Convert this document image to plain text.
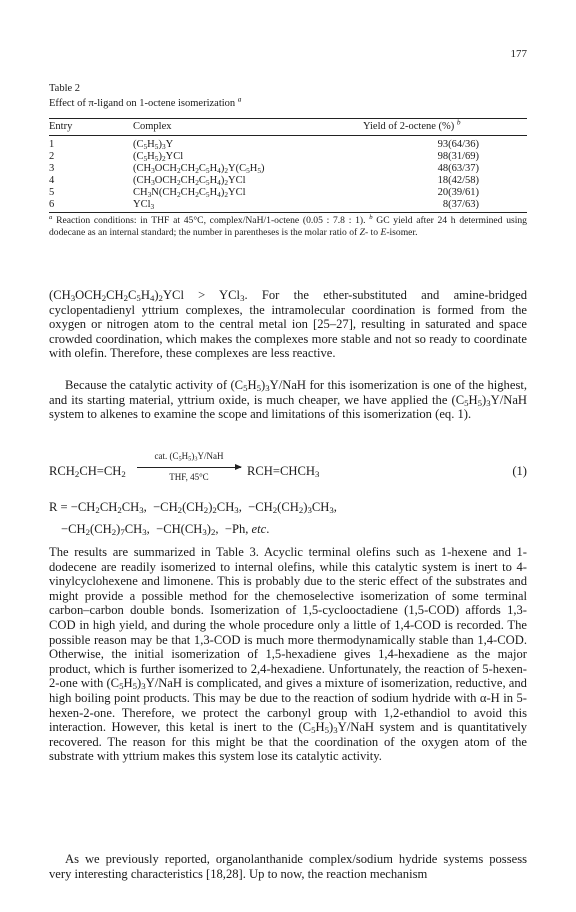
177
Table 2
Effect of π-ligand on 1-octene isomerization $^a$
Entry	Complex	Yield of 2-octene (%) $^b$
1	$(C_5H_5)_3Y$	93(64/36)
2	$(C_5H_5)_2YCl$	98(31/69)
3	$(CH_3OCH_2CH_2C_5H_4)_2Y(C_5H_5)$	48(63/37)
4	$(CH_3OCH_2CH_2C_5H_4)_2YCl$	18(42/58)
5	$CH_3N(CH_2CH_2C_5H_4)_2YCl$	20(39/61)
6	YCl$_3$	8(37/63)
$^a$ Reaction conditions: in THF at 45°C, complex/NaH/1-octene (0.05 : 7.8 : 1). $^b$ GC yield after 24 h determined using dodecane as an internal standard; the number in parentheses is the molar ratio of Z- to E-isomer.

$(CH_3OCH_2CH_2C_5H_4)_2YCl > YCl_3$. For the ether-substituted and amine-bridged cyclopentadienyl yttrium complexes, the intramolecular coordination is formed from the oxygen or nitrogen atom to the central metal ion [25–27], resulting in saturated and space crowded coordination, which makes the complexes more stable and not so ready to coordinate with olefin. Therefore, these complexes are less reactive.

Because the catalytic activity of $(C_5H_5)_3Y$/NaH for this isomerization is one of the highest, and its starting material, yttrium oxide, is much cheaper, we have applied the $(C_5H_5)_3Y$/NaH system to alkenes to examine the scope and limitations of this isomerization (eq. 1).

$RCH_2CH=CH_2$
cat. $(C_5H_5)_3Y$/NaH
THF, 45°C	$RCH=CHCH_3$	(1)
$R = -CH_2CH_2CH_3$,  $-CH_2(CH_2)_2CH_3$,  $-CH_2(CH_2)_3CH_3$,
$-CH_2(CH_2)_7CH_3$,  $-CH(CH_3)_2$,  −Ph, etc.

The results are summarized in Table 3. Acyclic terminal olefins such as 1-hexene and 1-dodecene are readily isomerized to internal olefins, while this catalytic system is inert to 4-vinylcyclohexene and limonene. This is probably due to the steric effect of the substrates and might provide a possible method for the chemoselective isomerization of some terminal carbon–carbon double bonds. Isomerization of 1,5-cyclooctadiene (1,5-COD) affords 1,3-COD in high yield, and during the whole procedure only a little of 1,4-COD is recorded. The possible reason may be that 1,3-COD is much more thermodynamically stable than 1,4-COD. Otherwise, the initial isomerization of 1,5-hexadiene gives 1,4-hexadiene as the major product, which is further isomerized to 2,4-hexadiene. Unfortunately, the reaction of 5-hexen-2-one with $(C_5H_5)_3Y$/NaH is complicated, and gives a mixture of isomerization, reductive, and high boiling point products. This may be due to the reaction of sodium hydride with α-H in 5-hexen-2-one. Therefore, we protect the carbonyl group with 1,2-ethandiol to avoid this interaction. However, this ketal is inert to the $(C_5H_5)_3Y$/NaH system and is quantitatively recovered. The reason for this might be that the coordination of the oxygen atom of the substrate with yttrium makes this system lose its catalytic activity.

As we previously reported, organolanthanide complex/sodium hydride systems possess very interesting characteristics [18,28]. Up to now, the reaction mechanism
